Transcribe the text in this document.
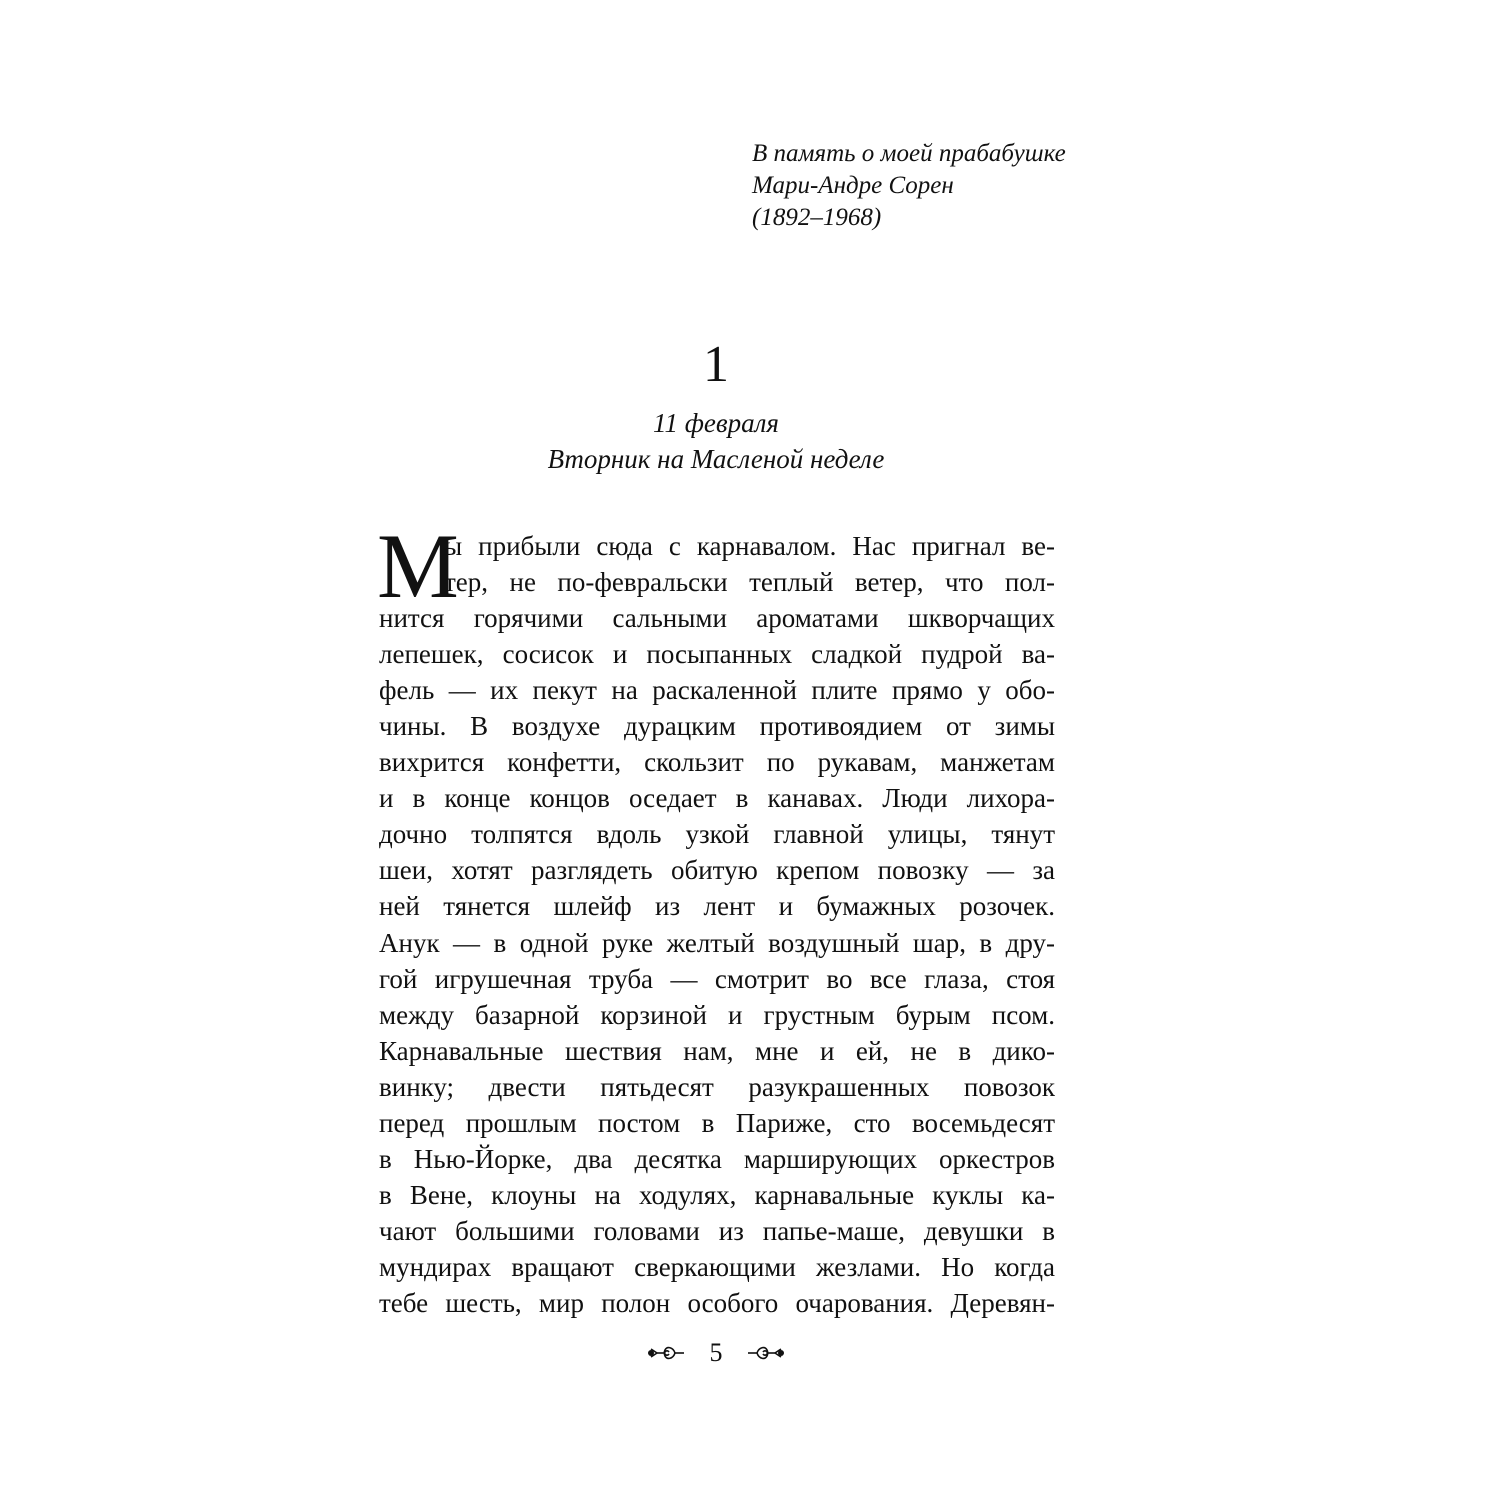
В память о моей прабабушке
Мари-Андре Сорен
(1892–1968)
1
11 февраля
Вторник на Масленой неделе
М
ы прибыли сюда с карнавалом. Нас пригнал ве-
тер, не по-февральски теплый ветер, что пол-
нится горячими сальными ароматами шкворчащих
лепешек, сосисок и посыпанных сладкой пудрой ва-
фель — их пекут на раскаленной плите прямо у обо-
чины. В воздухе дурацким противоядием от зимы
вихрится конфетти, скользит по рукавам, манжетам
и в конце концов оседает в канавах. Люди лихора-
дочно толпятся вдоль узкой главной улицы, тянут
шеи, хотят разглядеть обитую крепом повозку — за
ней тянется шлейф из лент и бумажных розочек.
Анук — в одной руке желтый воздушный шар, в дру-
гой игрушечная труба — смотрит во все глаза, стоя
между базарной корзиной и грустным бурым псом.
Карнавальные шествия нам, мне и ей, не в дико-
винку; двести пятьдесят разукрашенных повозок
перед прошлым постом в Париже, сто восемьдесят
в Нью-Йорке, два десятка марширующих оркестров
в Вене, клоуны на ходулях, карнавальные куклы ка-
чают большими головами из папье-маше, девушки в
мундирах вращают сверкающими жезлами. Но когда
тебе шесть, мир полон особого очарования. Деревян-
5
